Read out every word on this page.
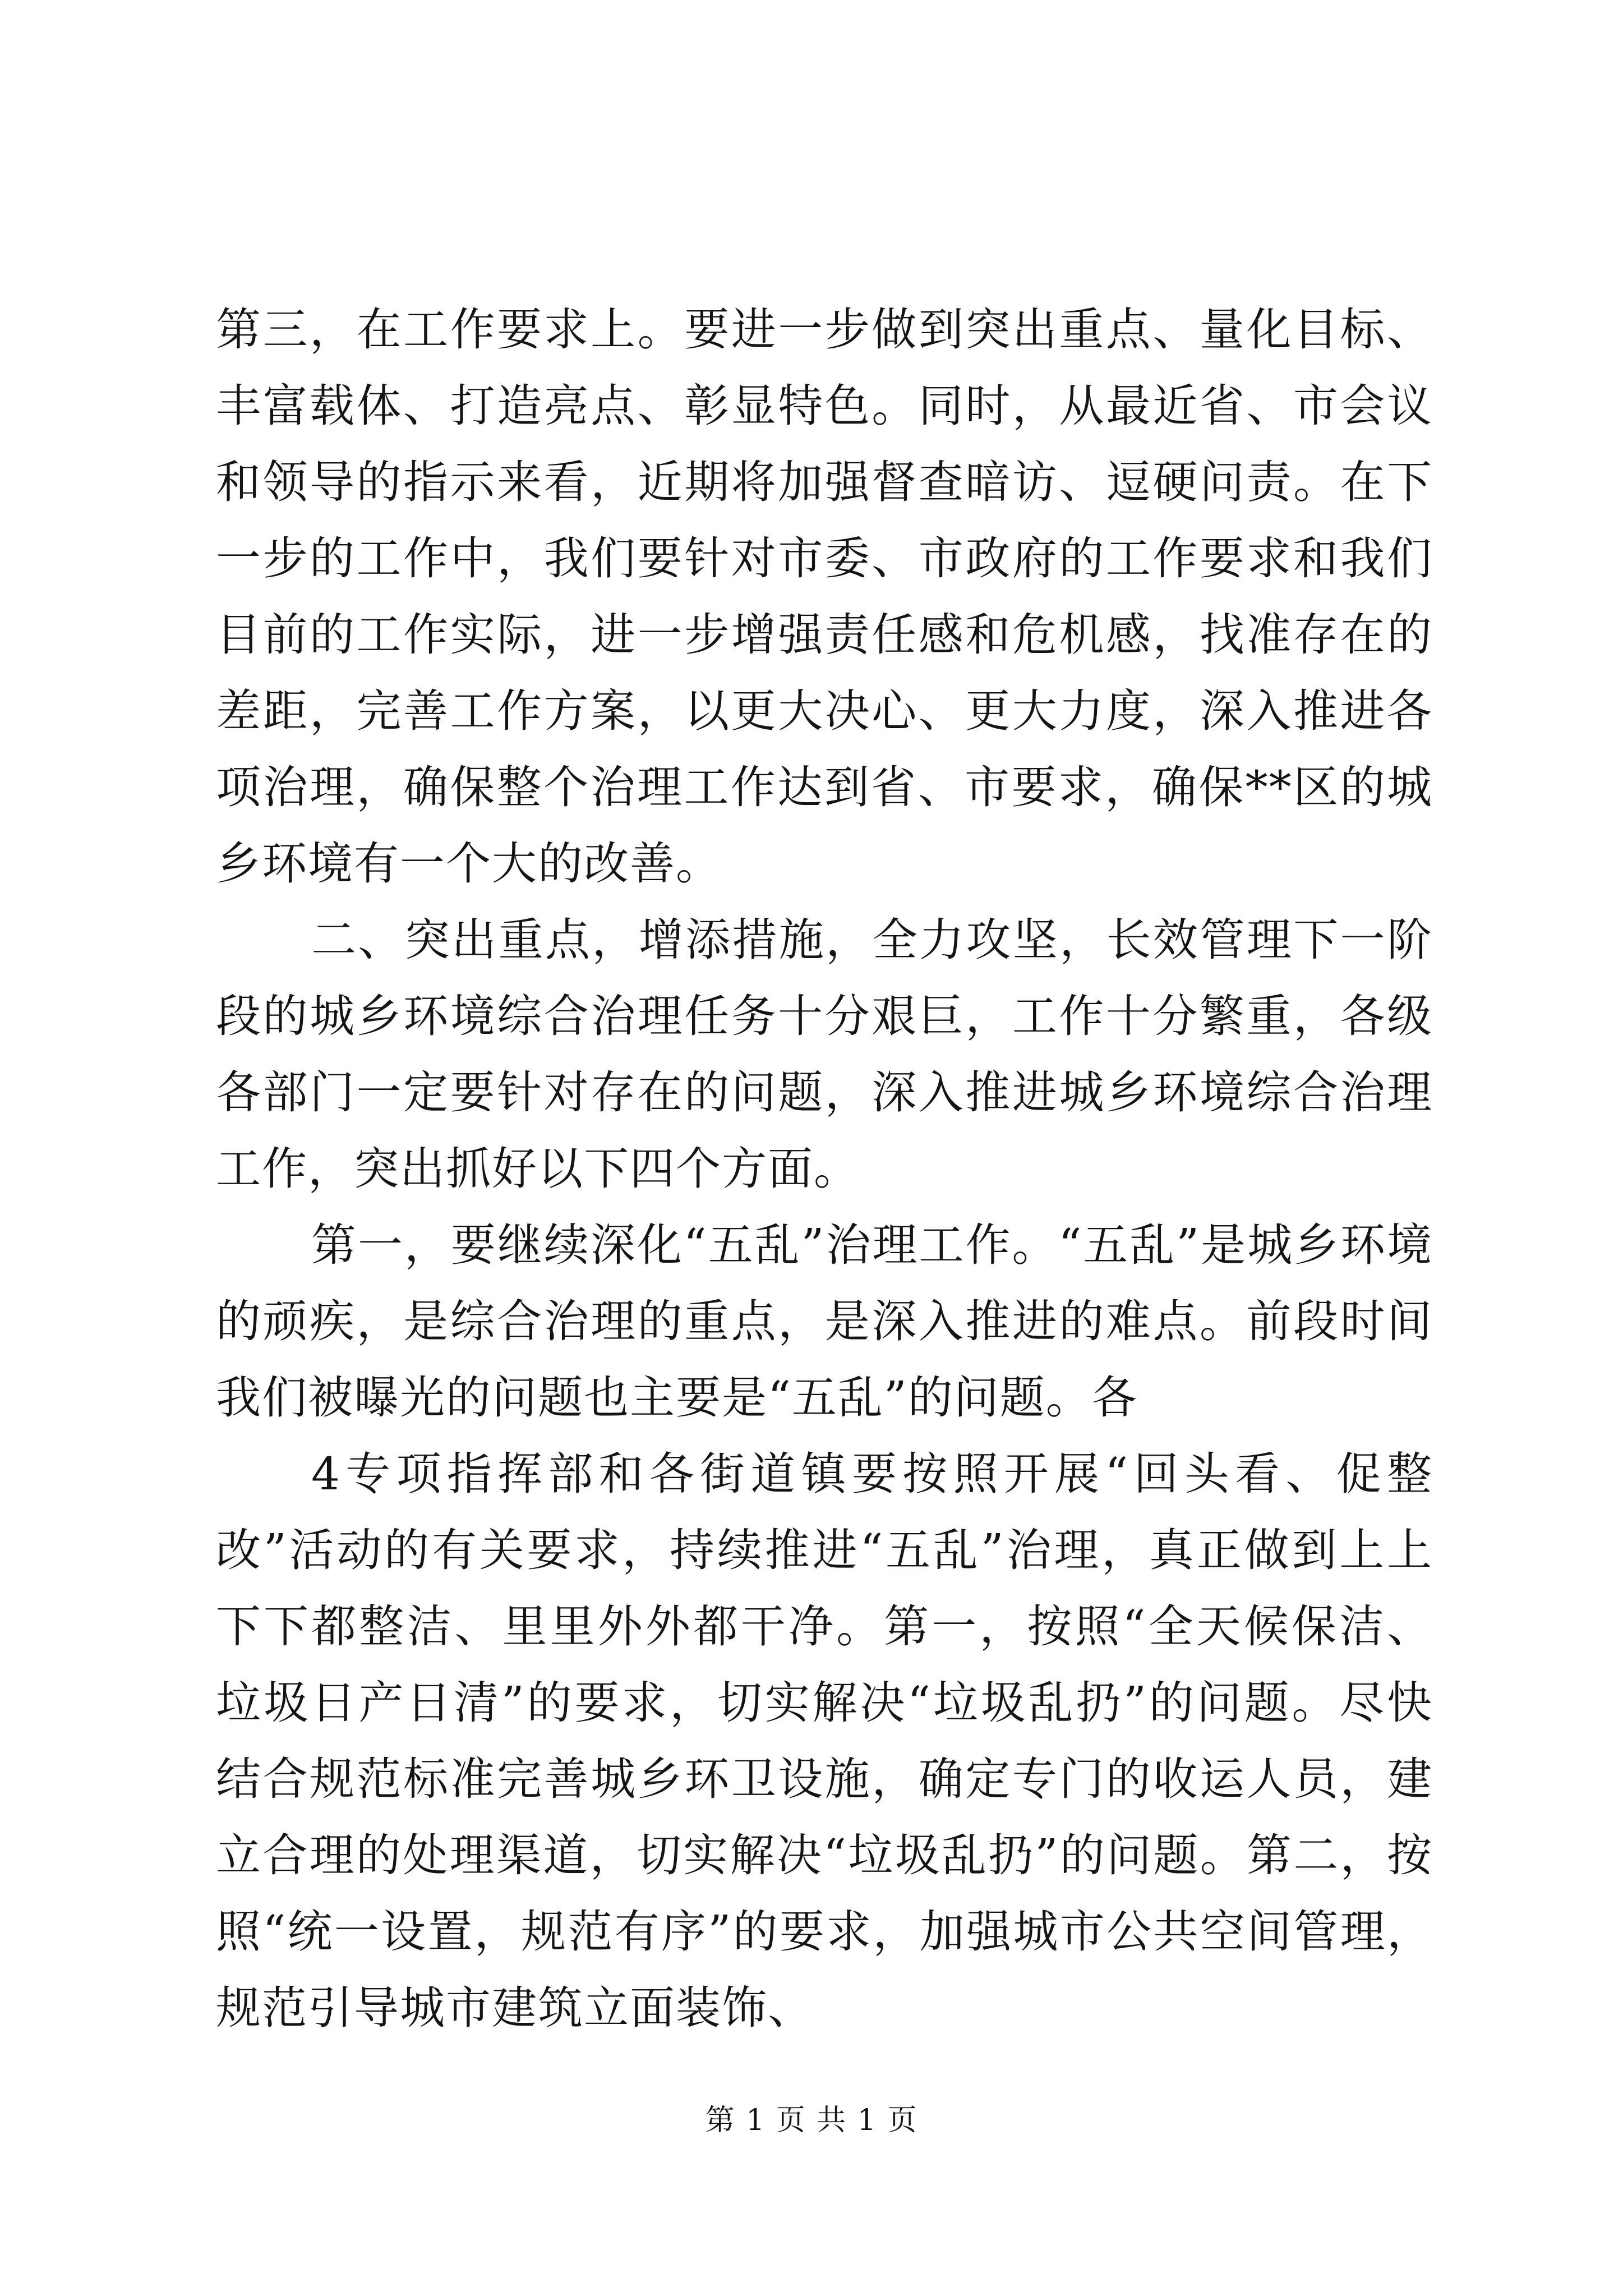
第三，在工作要求上。要进一步做到突出重点、量化目标、丰富载体、打造亮点、彰显特色。同时，从最近省、市会议和领导的指示来看，近期将加强督查暗访、逗硬问责。在下一步的工作中，我们要针对市委、市政府的工作要求和我们目前的工作实际，进一步增强责任感和危机感，找准存在的差距，完善工作方案，以更大决心、更大力度，深入推进各项治理，确保整个治理工作达到省、市要求，确保**区的城乡环境有一个大的改善。

二、突出重点，增添措施，全力攻坚，长效管理下一阶段的城乡环境综合治理任务十分艰巨，工作十分繁重，各级各部门一定要针对存在的问题，深入推进城乡环境综合治理工作，突出抓好以下四个方面。

第一，要继续深化“五乱”治理工作。“五乱”是城乡环境的顽疾，是综合治理的重点，是深入推进的难点。前段时间我们被曝光的问题也主要是“五乱”的问题。各

4专项指挥部和各街道镇要按照开展“回头看、促整改”活动的有关要求，持续推进“五乱”治理，真正做到上上下下都整洁、里里外外都干净。第一，按照“全天候保洁、垃圾日产日清”的要求，切实解决“垃圾乱扔”的问题。尽快结合规范标准完善城乡环卫设施，确定专门的收运人员，建立合理的处理渠道，切实解决“垃圾乱扔”的问题。第二，按照“统一设置，规范有序”的要求，加强城市公共空间管理，规范引导城市建筑立面装饰、

第 1 页 共 1 页
